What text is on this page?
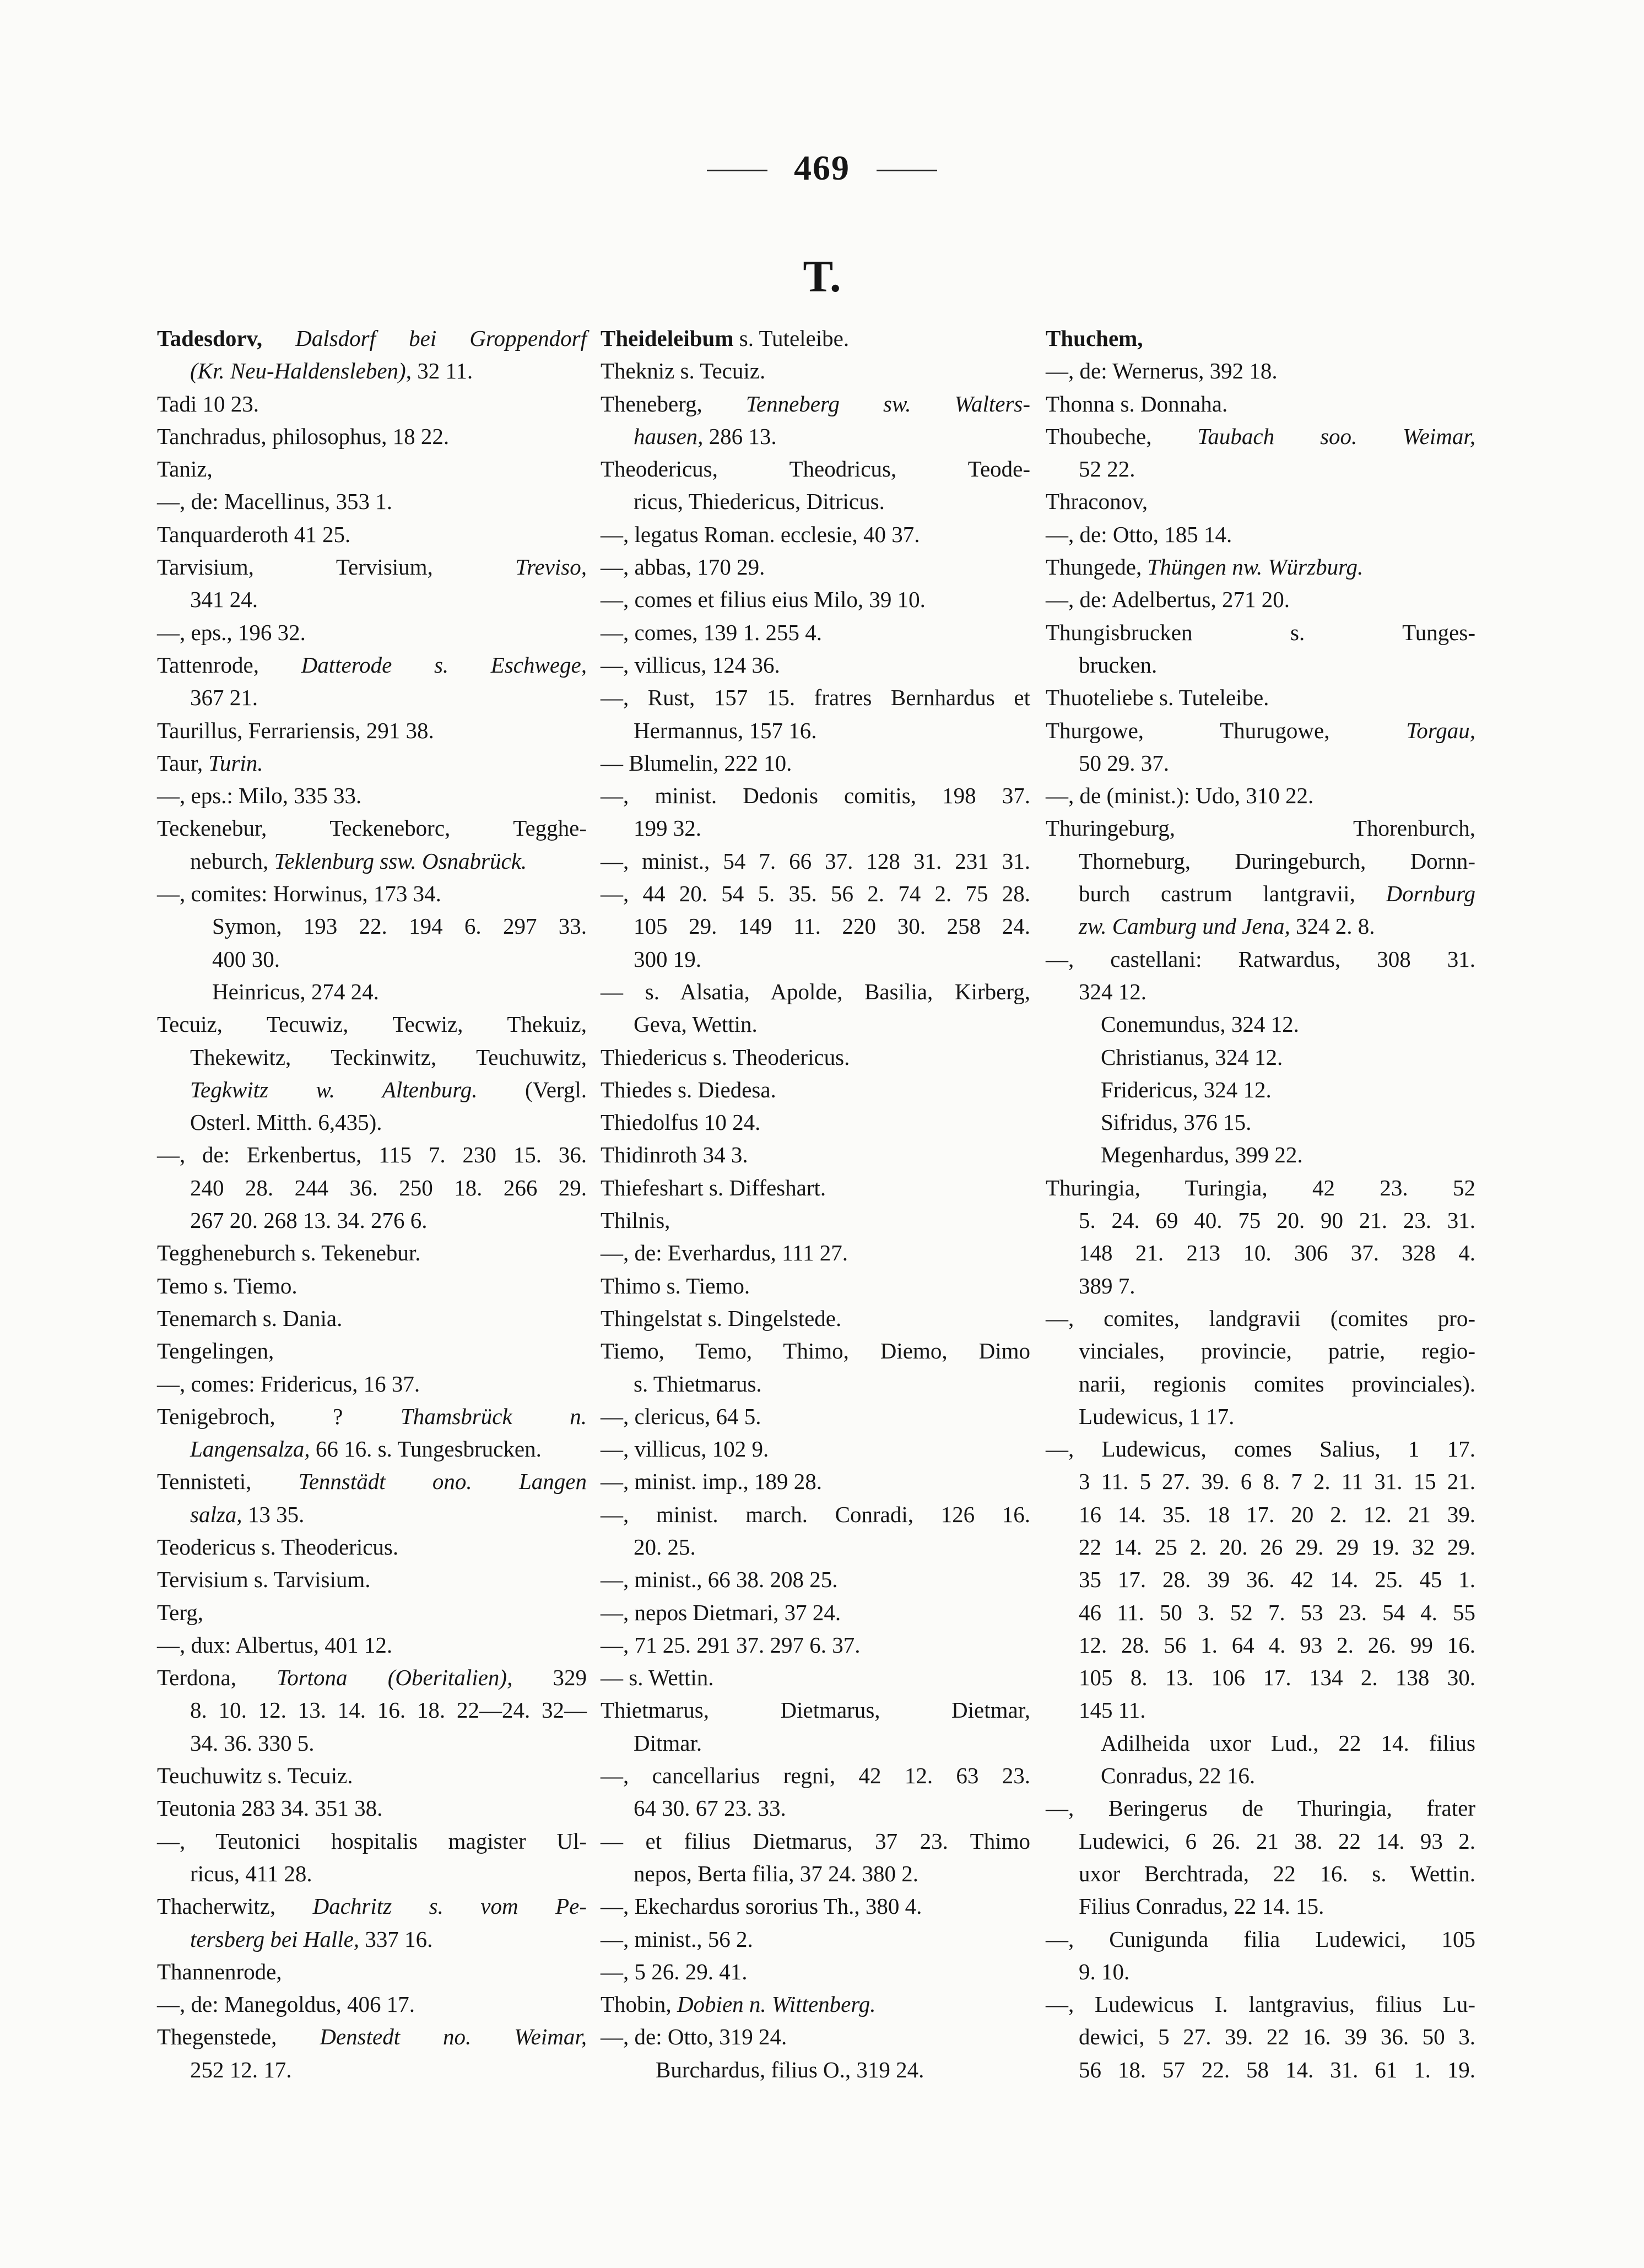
469
T.
Tadesdorv, Dalsdorf bei Groppendorf
(Kr. Neu-Haldensleben), 32 11.
Tadi 10 23.
Tanchradus, philosophus, 18 22.
Taniz,
—, de: Macellinus, 353 1.
Tanquarderoth 41 25.
Tarvisium, Tervisium, Treviso,
341 24.
—, eps., 196 32.
Tattenrode, Datterode s. Eschwege,
367 21.
Taurillus, Ferrariensis, 291 38.
Taur, Turin.
—, eps.: Milo, 335 33.
Teckenebur, Teckeneborc, Tegghe-
neburch, Teklenburg ssw. Osnabrück.
—, comites: Horwinus, 173 34.
Symon, 193 22. 194 6. 297 33.
400 30.
Heinricus, 274 24.
Tecuiz, Tecuwiz, Tecwiz, Thekuiz,
Thekewitz, Teckinwitz, Teuchuwitz,
Tegkwitz w. Altenburg. (Vergl.
Osterl. Mitth. 6,435).
—, de: Erkenbertus, 115 7. 230 15. 36.
240 28. 244 36. 250 18. 266 29.
267 20. 268 13. 34. 276 6.
Teggheneburch s. Tekenebur.
Temo s. Tiemo.
Tenemarch s. Dania.
Tengelingen,
—, comes: Fridericus, 16 37.
Tenigebroch, ? Thamsbrück n.
Langensalza, 66 16. s. Tungesbrucken.
Tennisteti, Tennstädt ono. Langen
salza, 13 35.
Teodericus s. Theodericus.
Tervisium s. Tarvisium.
Terg,
—, dux: Albertus, 401 12.
Terdona, Tortona (Oberitalien), 329
8. 10. 12. 13. 14. 16. 18. 22—24. 32—
34. 36. 330 5.
Teuchuwitz s. Tecuiz.
Teutonia 283 34. 351 38.
—, Teutonici hospitalis magister Ul-
ricus, 411 28.
Thacherwitz, Dachritz s. vom Pe-
tersberg bei Halle, 337 16.
Thannenrode,
—, de: Manegoldus, 406 17.
Thegenstede, Denstedt no. Weimar,
252 12. 17.
Theideleibum s. Tuteleibe.
Thekniz s. Tecuiz.
Theneberg, Tenneberg sw. Walters-
hausen, 286 13.
Theodericus, Theodricus, Teode-
ricus, Thiedericus, Ditricus.
—, legatus Roman. ecclesie, 40 37.
—, abbas, 170 29.
—, comes et filius eius Milo, 39 10.
—, comes, 139 1. 255 4.
—, villicus, 124 36.
—, Rust, 157 15. fratres Bernhardus et
Hermannus, 157 16.
— Blumelin, 222 10.
—, minist. Dedonis comitis, 198 37.
199 32.
—, minist., 54 7. 66 37. 128 31. 231 31.
—, 44 20. 54 5. 35. 56 2. 74 2. 75 28.
105 29. 149 11. 220 30. 258 24.
300 19.
— s. Alsatia, Apolde, Basilia, Kirberg,
Geva, Wettin.
Thiedericus s. Theodericus.
Thiedes s. Diedesa.
Thiedolfus 10 24.
Thidinroth 34 3.
Thiefeshart s. Diffeshart.
Thilnis,
—, de: Everhardus, 111 27.
Thimo s. Tiemo.
Thingelstat s. Dingelstede.
Tiemo, Temo, Thimo, Diemo, Dimo
s. Thietmarus.
—, clericus, 64 5.
—, villicus, 102 9.
—, minist. imp., 189 28.
—, minist. march. Conradi, 126 16.
20. 25.
—, minist., 66 38. 208 25.
—, nepos Dietmari, 37 24.
—, 71 25. 291 37. 297 6. 37.
— s. Wettin.
Thietmarus, Dietmarus, Dietmar,
Ditmar.
—, cancellarius regni, 42 12. 63 23.
64 30. 67 23. 33.
— et filius Dietmarus, 37 23. Thimo
nepos, Berta filia, 37 24. 380 2.
—, Ekechardus sororius Th., 380 4.
—, minist., 56 2.
—, 5 26. 29. 41.
Thobin, Dobien n. Wittenberg.
—, de: Otto, 319 24.
Burchardus, filius O., 319 24.
Thuchem,
—, de: Wernerus, 392 18.
Thonna s. Donnaha.
Thoubeche, Taubach soo. Weimar,
52 22.
Thraconov,
—, de: Otto, 185 14.
Thungede, Thüngen nw. Würzburg.
—, de: Adelbertus, 271 20.
Thungisbrucken s. Tunges-
brucken.
Thuoteliebe s. Tuteleibe.
Thurgowe, Thurugowe, Torgau,
50 29. 37.
—, de (minist.): Udo, 310 22.
Thuringeburg, Thorenburch,
Thorneburg, Duringeburch, Dornn-
burch castrum lantgravii, Dornburg
zw. Camburg und Jena, 324 2. 8.
—, castellani: Ratwardus, 308 31.
324 12.
Conemundus, 324 12.
Christianus, 324 12.
Fridericus, 324 12.
Sifridus, 376 15.
Megenhardus, 399 22.
Thuringia, Turingia, 42 23. 52
5. 24. 69 40. 75 20. 90 21. 23. 31.
148 21. 213 10. 306 37. 328 4.
389 7.
—, comites, landgravii (comites pro-
vinciales, provincie, patrie, regio-
narii, regionis comites provinciales).
Ludewicus, 1 17.
—, Ludewicus, comes Salius, 1 17.
3 11. 5 27. 39. 6 8. 7 2. 11 31. 15 21.
16 14. 35. 18 17. 20 2. 12. 21 39.
22 14. 25 2. 20. 26 29. 29 19. 32 29.
35 17. 28. 39 36. 42 14. 25. 45 1.
46 11. 50 3. 52 7. 53 23. 54 4. 55
12. 28. 56 1. 64 4. 93 2. 26. 99 16.
105 8. 13. 106 17. 134 2. 138 30.
145 11.
Adilheida uxor Lud., 22 14. filius
Conradus, 22 16.
—, Beringerus de Thuringia, frater
Ludewici, 6 26. 21 38. 22 14. 93 2.
uxor Berchtrada, 22 16. s. Wettin.
Filius Conradus, 22 14. 15.
—, Cunigunda filia Ludewici, 105
9. 10.
—, Ludewicus I. lantgravius, filius Lu-
dewici, 5 27. 39. 22 16. 39 36. 50 3.
56 18. 57 22. 58 14. 31. 61 1. 19.
